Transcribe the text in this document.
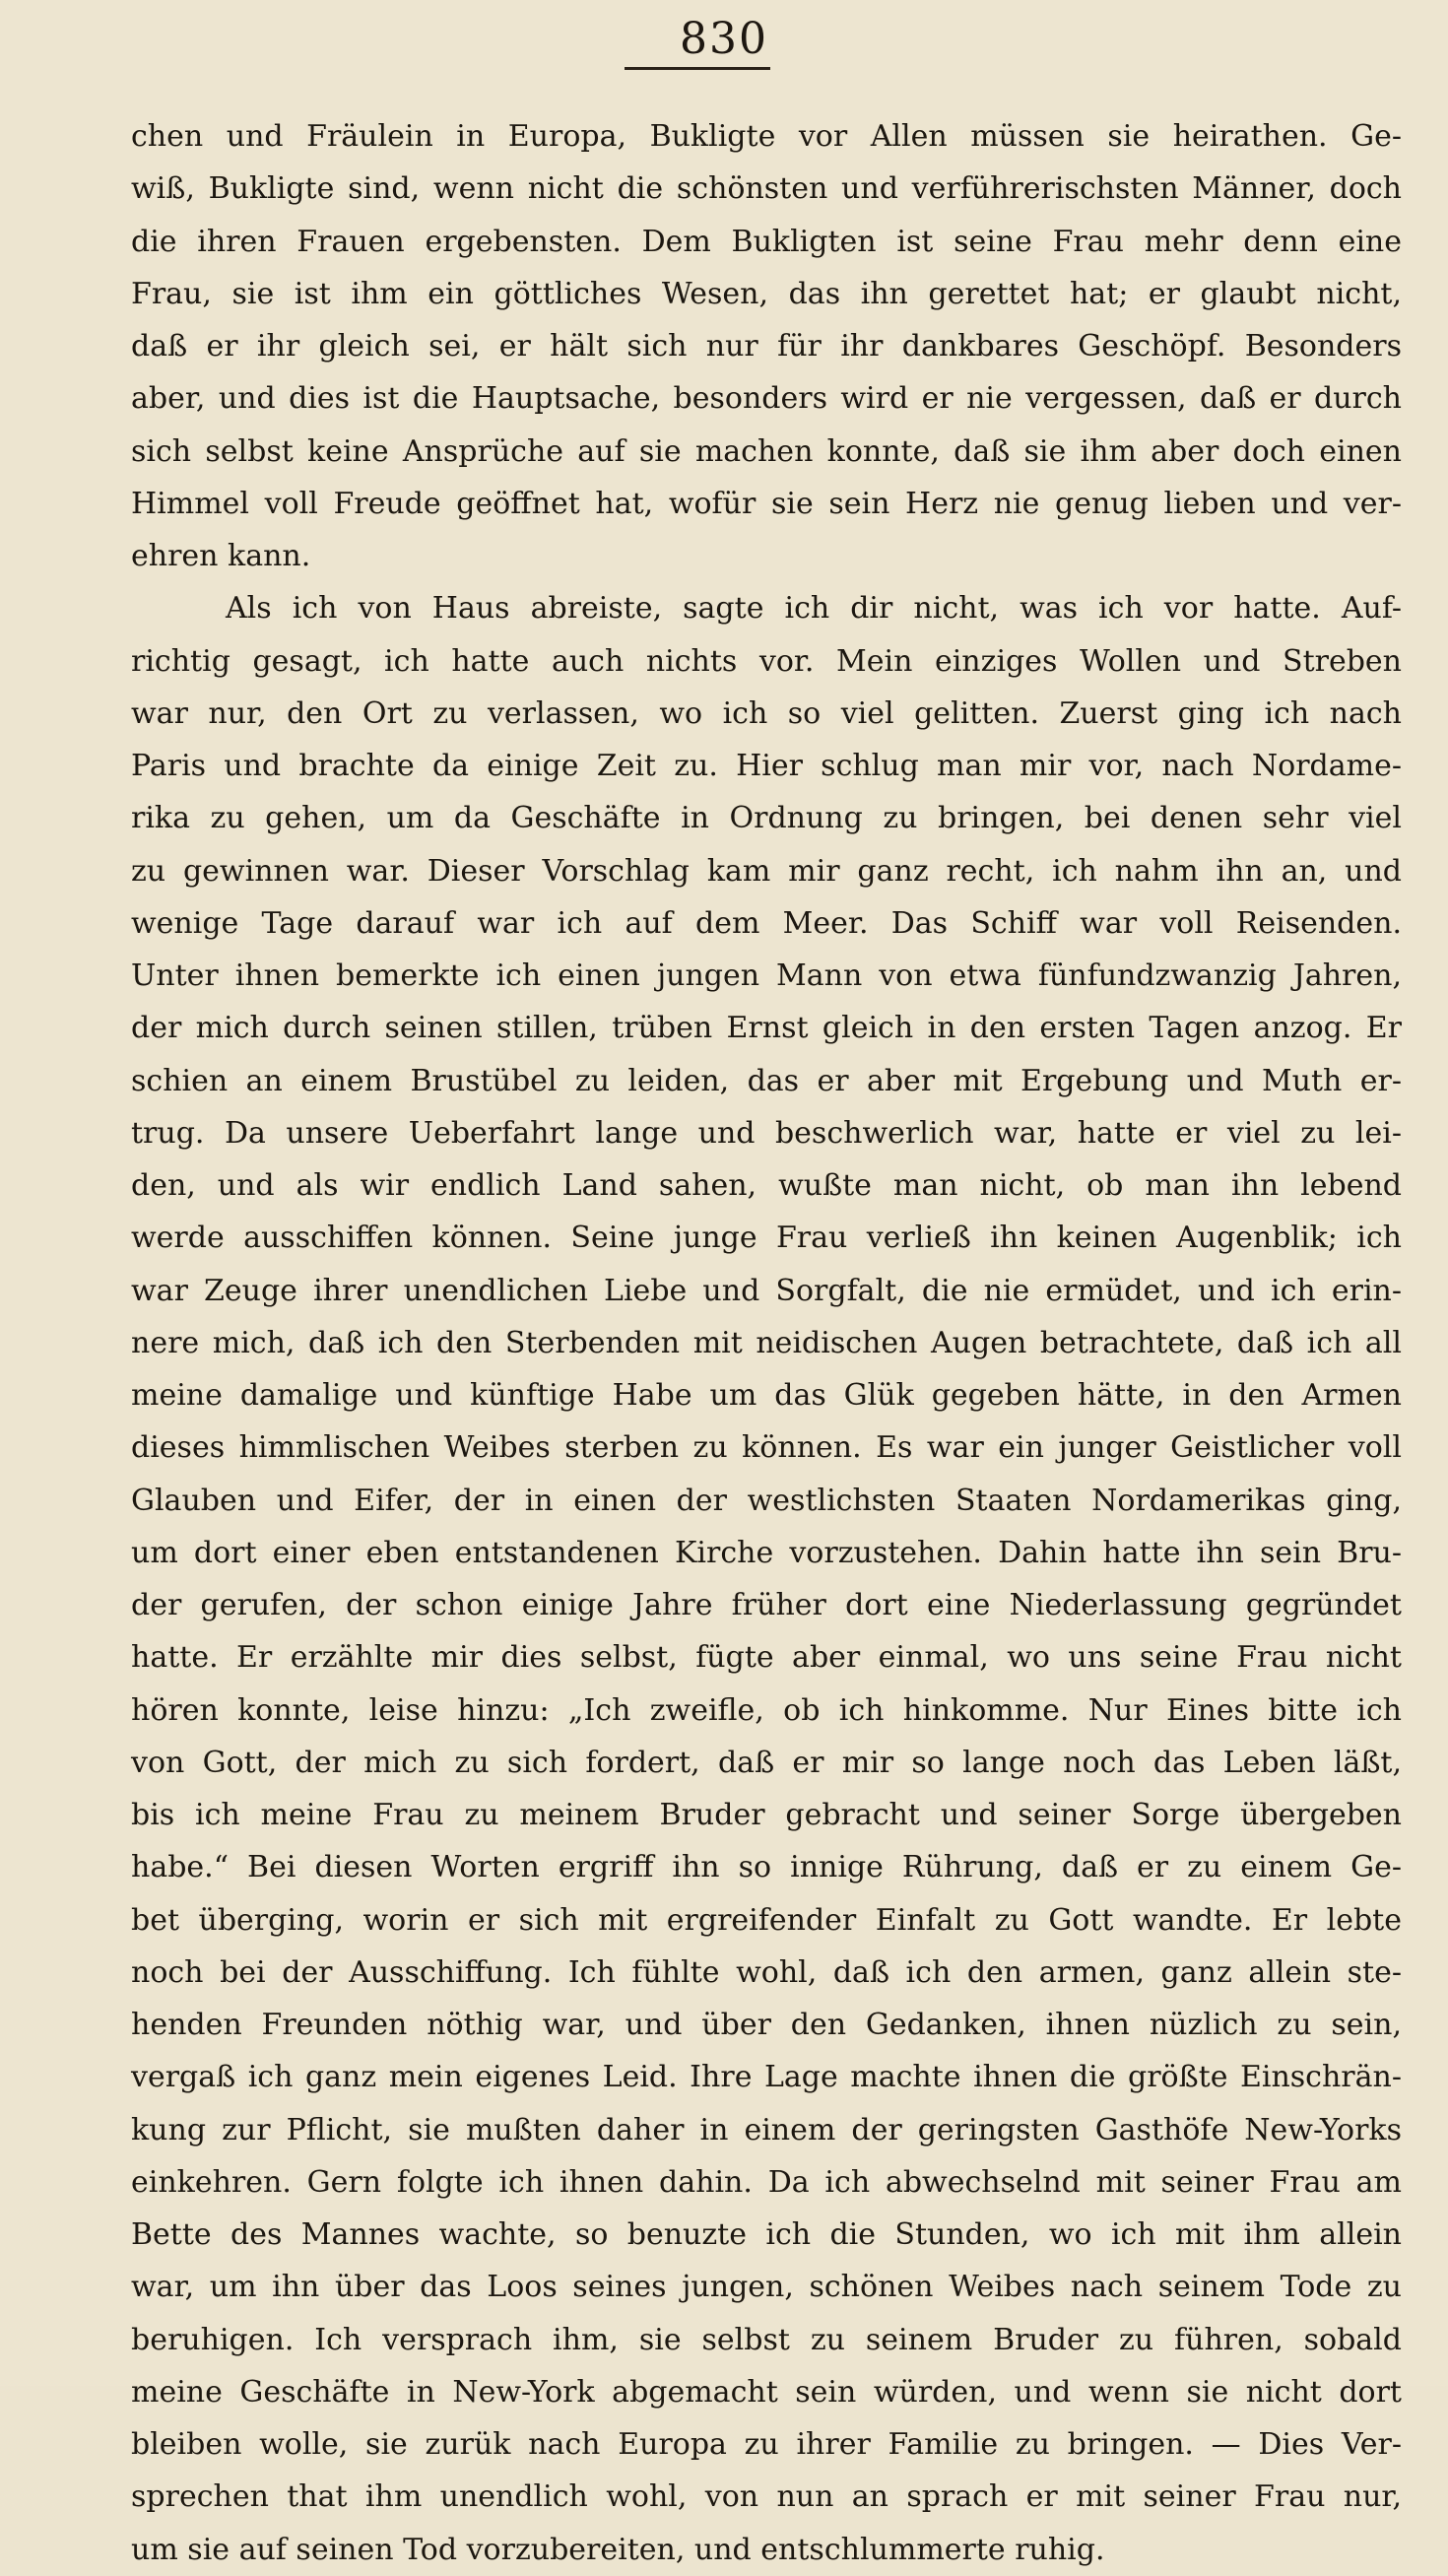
830
chen und Fräulein in Europa, Bukligte vor Allen müssen sie heirathen. Ge-
wiß, Bukligte sind, wenn nicht die schönsten und verführerischsten Männer, doch
die ihren Frauen ergebensten. Dem Bukligten ist seine Frau mehr denn eine
Frau, sie ist ihm ein göttliches Wesen, das ihn gerettet hat; er glaubt nicht,
daß er ihr gleich sei, er hält sich nur für ihr dankbares Geschöpf. Besonders
aber, und dies ist die Hauptsache, besonders wird er nie vergessen, daß er durch
sich selbst keine Ansprüche auf sie machen konnte, daß sie ihm aber doch einen
Himmel voll Freude geöffnet hat, wofür sie sein Herz nie genug lieben und ver-
ehren kann.
Als ich von Haus abreiste, sagte ich dir nicht, was ich vor hatte. Auf-
richtig gesagt, ich hatte auch nichts vor. Mein einziges Wollen und Streben
war nur, den Ort zu verlassen, wo ich so viel gelitten. Zuerst ging ich nach
Paris und brachte da einige Zeit zu. Hier schlug man mir vor, nach Nordame-
rika zu gehen, um da Geschäfte in Ordnung zu bringen, bei denen sehr viel
zu gewinnen war. Dieser Vorschlag kam mir ganz recht, ich nahm ihn an, und
wenige Tage darauf war ich auf dem Meer. Das Schiff war voll Reisenden.
Unter ihnen bemerkte ich einen jungen Mann von etwa fünfundzwanzig Jahren,
der mich durch seinen stillen, trüben Ernst gleich in den ersten Tagen anzog. Er
schien an einem Brustübel zu leiden, das er aber mit Ergebung und Muth er-
trug. Da unsere Ueberfahrt lange und beschwerlich war, hatte er viel zu lei-
den, und als wir endlich Land sahen, wußte man nicht, ob man ihn lebend
werde ausschiffen können. Seine junge Frau verließ ihn keinen Augenblik; ich
war Zeuge ihrer unendlichen Liebe und Sorgfalt, die nie ermüdet, und ich erin-
nere mich, daß ich den Sterbenden mit neidischen Augen betrachtete, daß ich all
meine damalige und künftige Habe um das Glük gegeben hätte, in den Armen
dieses himmlischen Weibes sterben zu können. Es war ein junger Geistlicher voll
Glauben und Eifer, der in einen der westlichsten Staaten Nordamerikas ging,
um dort einer eben entstandenen Kirche vorzustehen. Dahin hatte ihn sein Bru-
der gerufen, der schon einige Jahre früher dort eine Niederlassung gegründet
hatte. Er erzählte mir dies selbst, fügte aber einmal, wo uns seine Frau nicht
hören konnte, leise hinzu: „Ich zweifle, ob ich hinkomme. Nur Eines bitte ich
von Gott, der mich zu sich fordert, daß er mir so lange noch das Leben läßt,
bis ich meine Frau zu meinem Bruder gebracht und seiner Sorge übergeben
habe.“ Bei diesen Worten ergriff ihn so innige Rührung, daß er zu einem Ge-
bet überging, worin er sich mit ergreifender Einfalt zu Gott wandte. Er lebte
noch bei der Ausschiffung. Ich fühlte wohl, daß ich den armen, ganz allein ste-
henden Freunden nöthig war, und über den Gedanken, ihnen nüzlich zu sein,
vergaß ich ganz mein eigenes Leid. Ihre Lage machte ihnen die größte Einschrän-
kung zur Pflicht, sie mußten daher in einem der geringsten Gasthöfe New-Yorks
einkehren. Gern folgte ich ihnen dahin. Da ich abwechselnd mit seiner Frau am
Bette des Mannes wachte, so benuzte ich die Stunden, wo ich mit ihm allein
war, um ihn über das Loos seines jungen, schönen Weibes nach seinem Tode zu
beruhigen. Ich versprach ihm, sie selbst zu seinem Bruder zu führen, sobald
meine Geschäfte in New-York abgemacht sein würden, und wenn sie nicht dort
bleiben wolle, sie zurük nach Europa zu ihrer Familie zu bringen. — Dies Ver-
sprechen that ihm unendlich wohl, von nun an sprach er mit seiner Frau nur,
um sie auf seinen Tod vorzubereiten, und entschlummerte ruhig.
